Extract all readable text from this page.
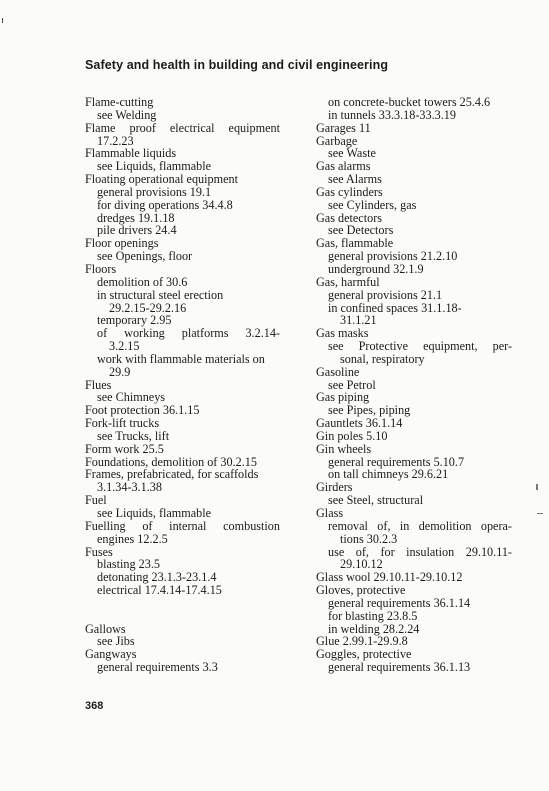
Safety and health in building and civil engineering
Flame-cutting
see Welding
Flame proof electrical equipment
17.2.23
Flammable liquids
see Liquids, flammable
Floating operational equipment
general provisions 19.1
for diving operations 34.4.8
dredges 19.1.18
pile drivers 24.4
Floor openings
see Openings, floor
Floors
demolition of 30.6
in structural steel erection
29.2.15-29.2.16
temporary 2.95
of working platforms 3.2.14-
3.2.15
work with flammable materials on
29.9
Flues
see Chimneys
Foot protection 36.1.15
Fork-lift trucks
see Trucks, lift
Form work 25.5
Foundations, demolition of 30.2.15
Frames, prefabricated, for scaffolds
3.1.34-3.1.38
Fuel
see Liquids, flammable
Fuelling of internal combustion
engines 12.2.5
Fuses
blasting 23.5
detonating 23.1.3-23.1.4
electrical 17.4.14-17.4.15
Gallows
see Jibs
Gangways
general requirements 3.3
on concrete-bucket towers 25.4.6
in tunnels 33.3.18-33.3.19
Garages 11
Garbage
see Waste
Gas alarms
see Alarms
Gas cylinders
see Cylinders, gas
Gas detectors
see Detectors
Gas, flammable
general provisions 21.2.10
underground 32.1.9
Gas, harmful
general provisions 21.1
in confined spaces 31.1.18-
31.1.21
Gas masks
see Protective equipment, per-
sonal, respiratory
Gasoline
see Petrol
Gas piping
see Pipes, piping
Gauntlets 36.1.14
Gin poles 5.10
Gin wheels
general requirements 5.10.7
on tall chimneys 29.6.21
Girders
see Steel, structural
Glass
removal of, in demolition opera-
tions 30.2.3
use of, for insulation 29.10.11-
29.10.12
Glass wool 29.10.11-29.10.12
Gloves, protective
general requirements 36.1.14
for blasting 23.8.5
in welding 28.2.24
Glue 2.99.1-29.9.8
Goggles, protective
general requirements 36.1.13
368
